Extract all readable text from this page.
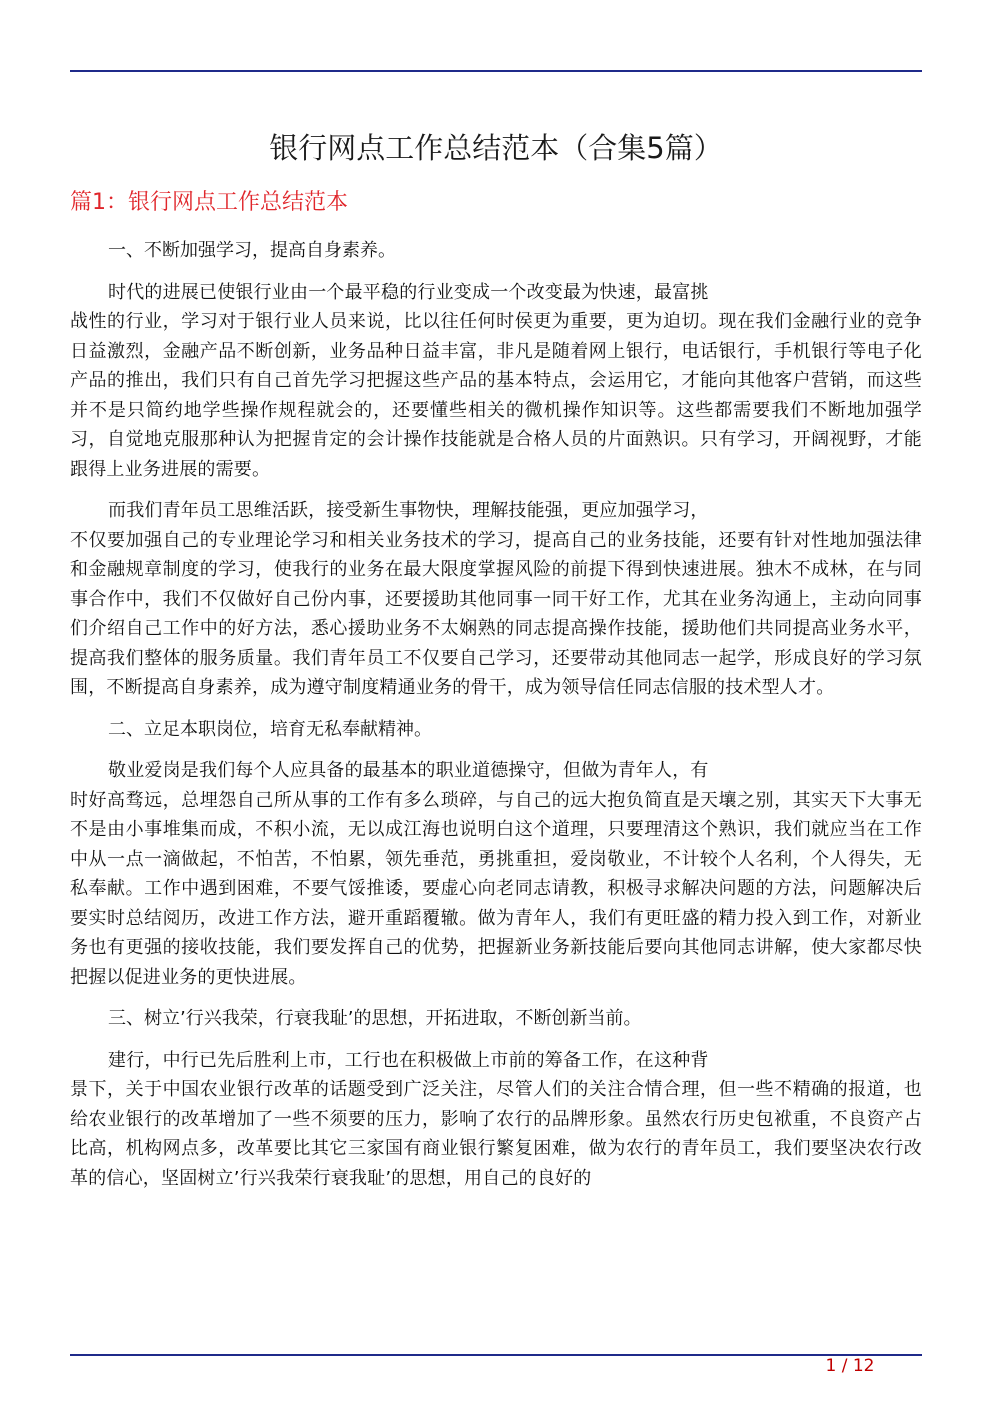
银行网点工作总结范本（合集5篇）
篇1：银行网点工作总结范本

一、不断加强学习，提高自身素养。

时代的进展已使银行业由一个最平稳的行业变成一个改变最为快速，最富挑
战性的行业，学习对于银行业人员来说，比以往任何时侯更为重要，更为迫切。现在我们金融行业的竞争日益激烈，金融产品不断创新，业务品种日益丰富，非凡是随着网上银行，电话银行，手机银行等电子化产品的推出，我们只有自己首先学习把握这些产品的基本特点，会运用它，才能向其他客户营销，而这些并不是只简约地学些操作规程就会的，还要懂些相关的微机操作知识等。这些都需要我们不断地加强学习，自觉地克服那种认为把握肯定的会计操作技能就是合格人员的片面熟识。只有学习，开阔视野，才能跟得上业务进展的需要。

而我们青年员工思维活跃，接受新生事物快，理解技能强，更应加强学习，
不仅要加强自己的专业理论学习和相关业务技术的学习，提高自己的业务技能，还要有针对性地加强法律和金融规章制度的学习，使我行的业务在最大限度掌握风险的前提下得到快速进展。独木不成林，在与同事合作中，我们不仅做好自己份内事，还要援助其他同事一同干好工作，尤其在业务沟通上，主动向同事们介绍自己工作中的好方法，悉心援助业务不太娴熟的同志提高操作技能，援助他们共同提高业务水平，提高我们整体的服务质量。我们青年员工不仅要自己学习，还要带动其他同志一起学，形成良好的学习氛围，不断提高自身素养，成为遵守制度精通业务的骨干，成为领导信任同志信服的技术型人才。

二、立足本职岗位，培育无私奉献精神。

敬业爱岗是我们每个人应具备的最基本的职业道德操守，但做为青年人，有
时好高骛远，总埋怨自己所从事的工作有多么琐碎，与自己的远大抱负简直是天壤之别，其实天下大事无不是由小事堆集而成，不积小流，无以成江海也说明白这个道理，只要理清这个熟识，我们就应当在工作中从一点一滴做起，不怕苦，不怕累，领先垂范，勇挑重担，爱岗敬业，不计较个人名利，个人得失，无私奉献。工作中遇到困难，不要气馁推诿，要虚心向老同志请教，积极寻求解决问题的方法，问题解决后要实时总结阅历，改进工作方法，避开重蹈覆辙。做为青年人，我们有更旺盛的精力投入到工作，对新业务也有更强的接收技能，我们要发挥自己的优势，把握新业务新技能后要向其他同志讲解，使大家都尽快把握以促进业务的更快进展。

三、树立’行兴我荣，行衰我耻’的思想，开拓进取，不断创新当前。

建行，中行已先后胜利上市，工行也在积极做上市前的筹备工作，在这种背
景下，关于中国农业银行改革的话题受到广泛关注，尽管人们的关注合情合理，但一些不精确的报道，也给农业银行的改革增加了一些不须要的压力，影响了农行的品牌形象。虽然农行历史包袱重，不良资产占比高，机构网点多，改革要比其它三家国有商业银行繁复困难，做为农行的青年员工，我们要坚决农行改革的信心，坚固树立’行兴我荣行衰我耻’的思想，用自己的良好的

1 / 12
